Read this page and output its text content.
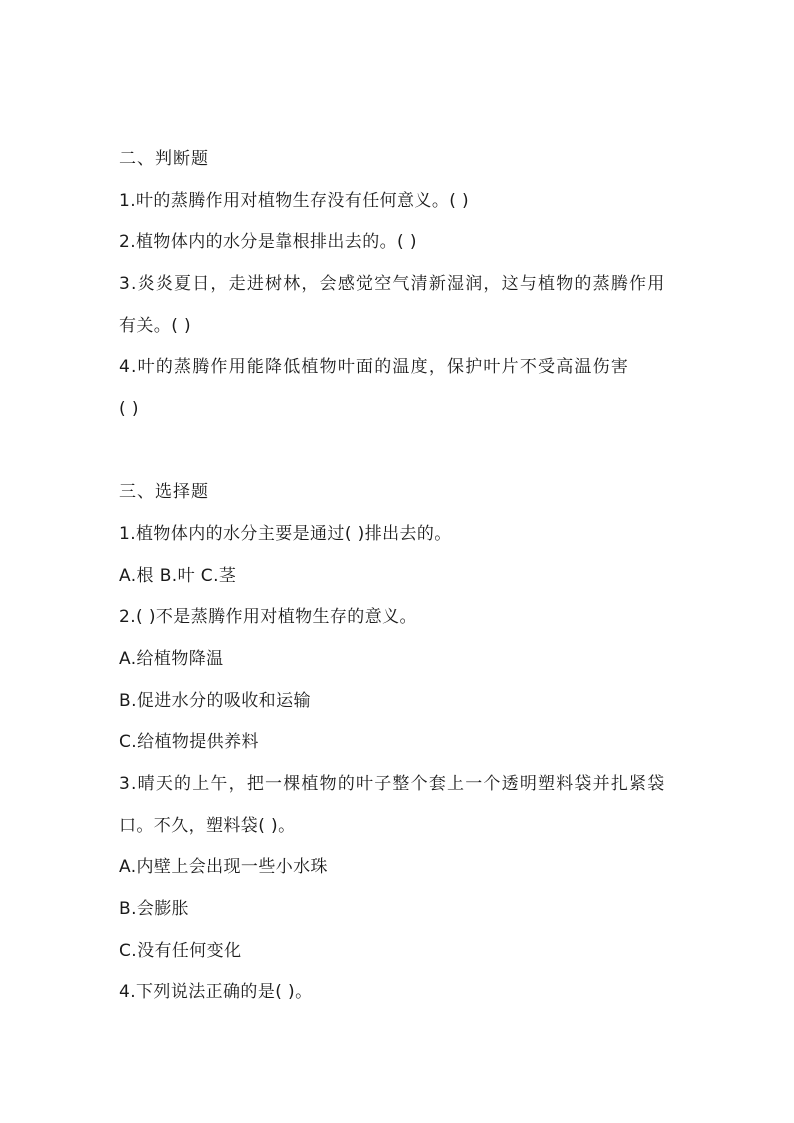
二、判断题
1.叶的蒸腾作用对植物生存没有任何意义。( )
2.植物体内的水分是靠根排出去的。( )
3.炎炎夏日，走进树林，会感觉空气清新湿润，这与植物的蒸腾作用
有关。( )
4.叶的蒸腾作用能降低植物叶面的温度，保护叶片不受高温伤害
( )
三、选择题
1.植物体内的水分主要是通过( )排出去的。
A.根 B.叶 C.茎
2.( )不是蒸腾作用对植物生存的意义。
A.给植物降温
B.促进水分的吸收和运输
C.给植物提供养料
3.晴天的上午，把一棵植物的叶子整个套上一个透明塑料袋并扎紧袋
口。不久，塑料袋( )。
A.内壁上会出现一些小水珠
B.会膨胀
C.没有任何变化
4.下列说法正确的是( )。
